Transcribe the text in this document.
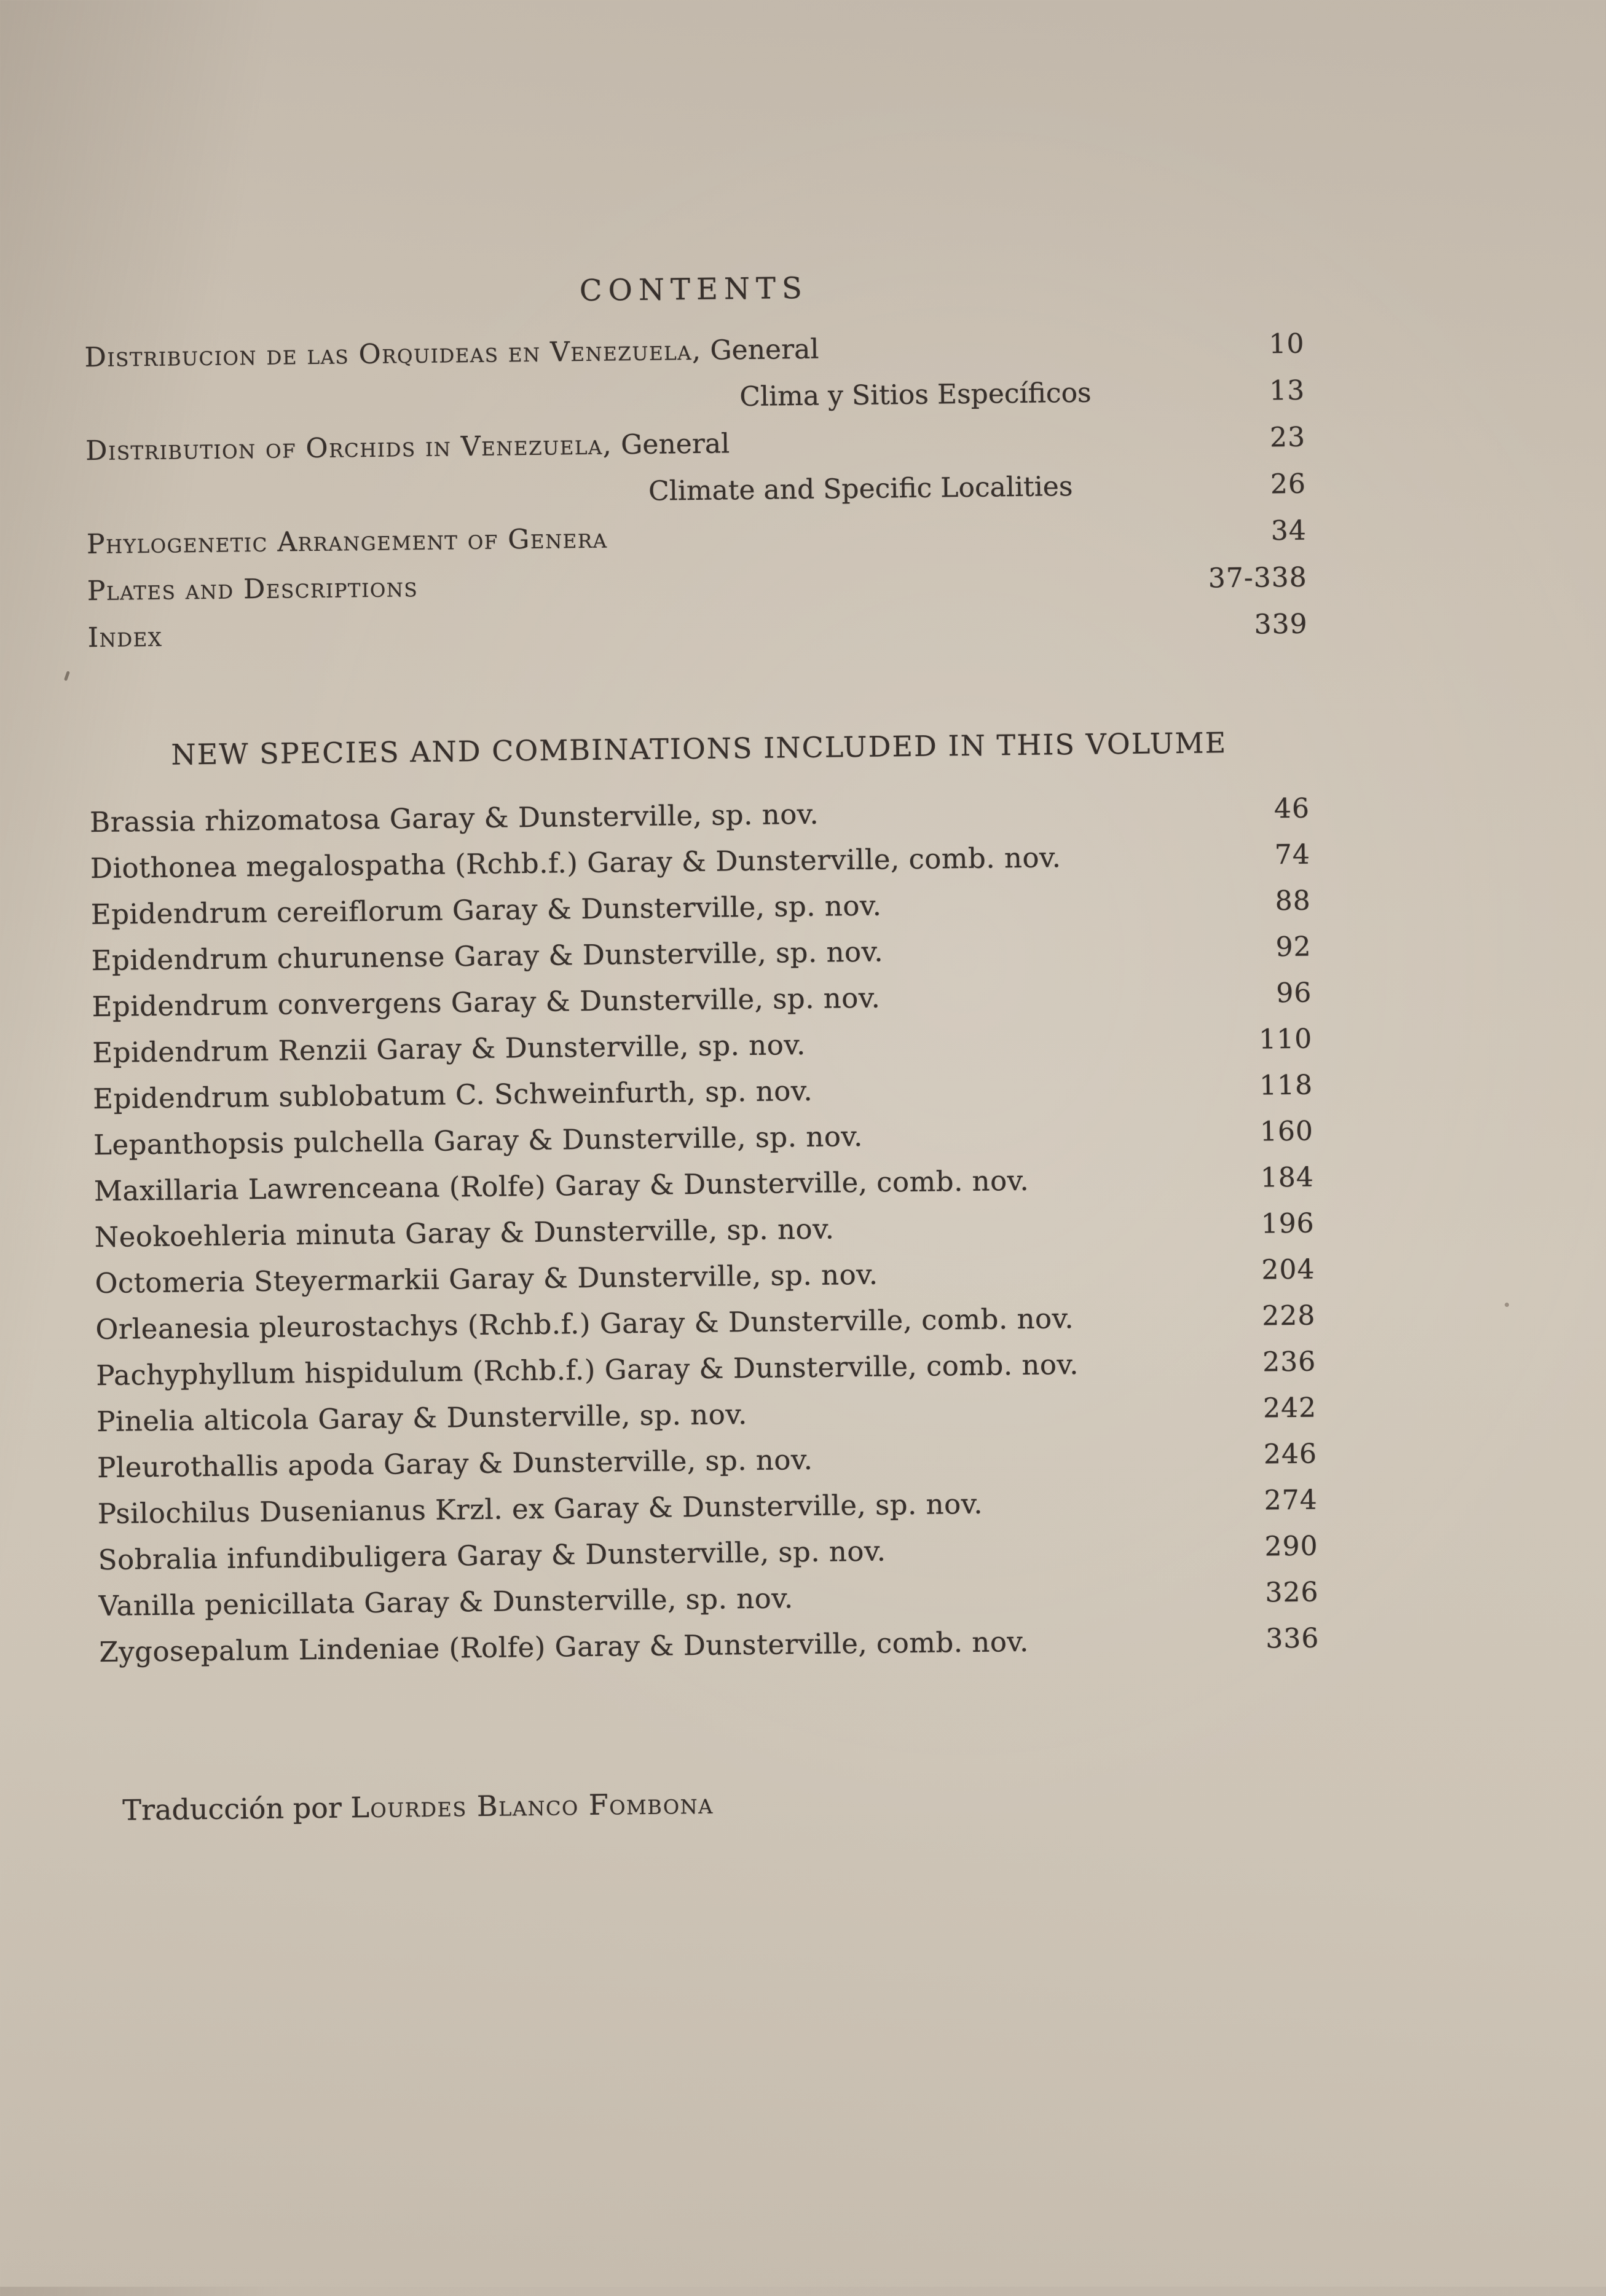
CONTENTS
Distribucion de las Orquideas en Venezuela, General	10
Clima y Sitios Específicos	13
Distribution of Orchids in Venezuela, General	23
Climate and Specific Localities	26
Phylogenetic Arrangement of Genera	34
Plates and Descriptions	37-338
Index	339
NEW SPECIES AND COMBINATIONS INCLUDED IN THIS VOLUME
Brassia rhizomatosa Garay & Dunsterville, sp. nov.	46
Diothonea megalospatha (Rchb.f.) Garay & Dunsterville, comb. nov.	74
Epidendrum cereiflorum Garay & Dunsterville, sp. nov.	88
Epidendrum churunense Garay & Dunsterville, sp. nov.	92
Epidendrum convergens Garay & Dunsterville, sp. nov.	96
Epidendrum Renzii Garay & Dunsterville, sp. nov.	110
Epidendrum sublobatum C. Schweinfurth, sp. nov.	118
Lepanthopsis pulchella Garay & Dunsterville, sp. nov.	160
Maxillaria Lawrenceana (Rolfe) Garay & Dunsterville, comb. nov.	184
Neokoehleria minuta Garay & Dunsterville, sp. nov.	196
Octomeria Steyermarkii Garay & Dunsterville, sp. nov.	204
Orleanesia pleurostachys (Rchb.f.) Garay & Dunsterville, comb. nov.	228
Pachyphyllum hispidulum (Rchb.f.) Garay & Dunsterville, comb. nov.	236
Pinelia alticola Garay & Dunsterville, sp. nov.	242
Pleurothallis apoda Garay & Dunsterville, sp. nov.	246
Psilochilus Dusenianus Krzl. ex Garay & Dunsterville, sp. nov.	274
Sobralia infundibuligera Garay & Dunsterville, sp. nov.	290
Vanilla penicillata Garay & Dunsterville, sp. nov.	326
Zygosepalum Lindeniae (Rolfe) Garay & Dunsterville, comb. nov.	336

Traducción por Lourdes Blanco Fombona
